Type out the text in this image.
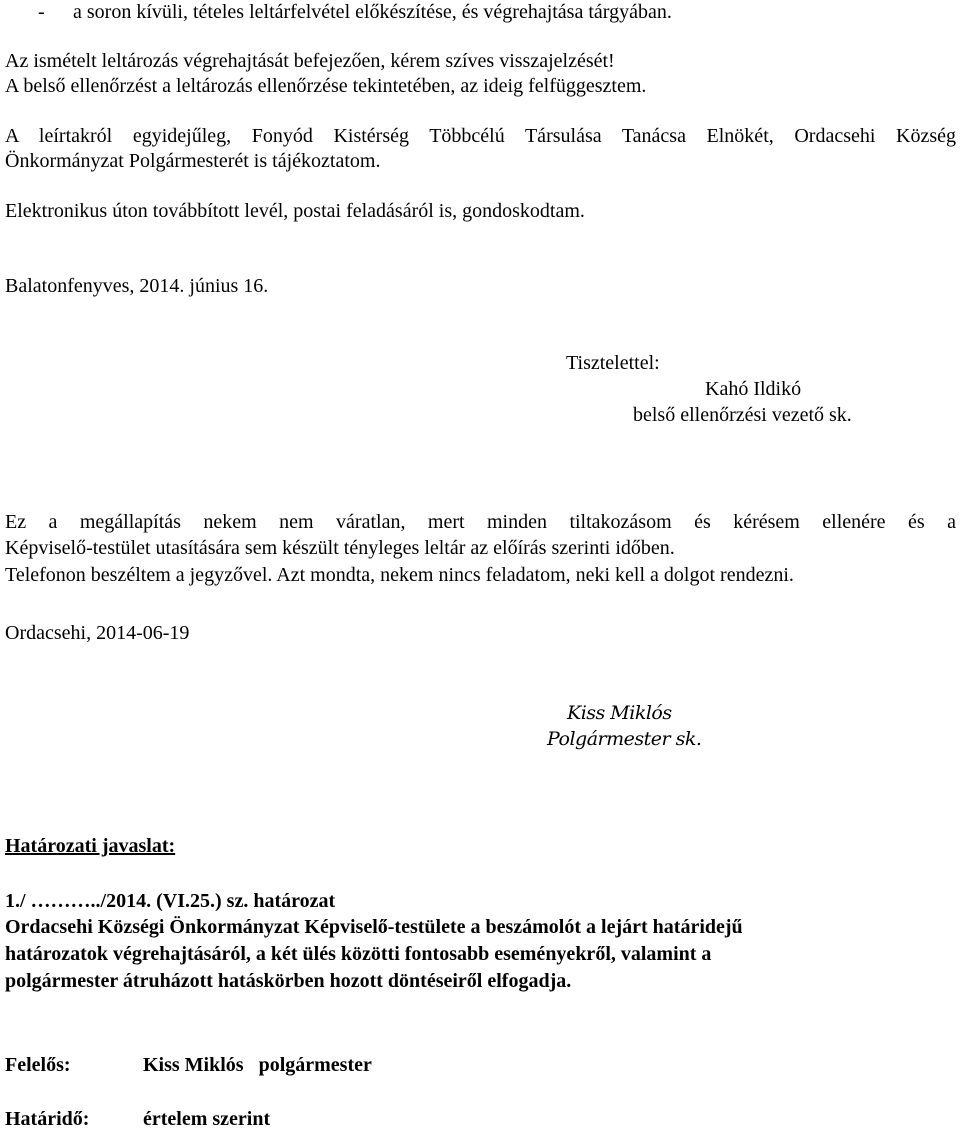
- a soron kívüli, tételes leltárfelvétel előkészítése, és végrehajtása tárgyában.
Az ismételt leltározás végrehajtását befejezően, kérem szíves visszajelzését!
A belső ellenőrzést a leltározás ellenőrzése tekintetében, az ideig felfüggesztem.
A leírtakról egyidejűleg, Fonyód Kistérség Többcélú Társulása Tanácsa Elnökét, Ordacsehi Község
Önkormányzat Polgármesterét is tájékoztatom.
Elektronikus úton továbbított levél, postai feladásáról is, gondoskodtam.
Balatonfenyves, 2014. június 16.
Tisztelettel:
Kahó Ildikó
belső ellenőrzési vezető sk.
Ez a megállapítás nekem nem váratlan, mert minden tiltakozásom és kérésem ellenére és a
Képviselő-testület utasítására sem készült tényleges leltár az előírás szerinti időben.
Telefonon beszéltem a jegyzővel. Azt mondta, nekem nincs feladatom, neki kell a dolgot rendezni.
Ordacsehi, 2014-06-19
Kiss Miklós
Polgármester sk.
Határozati javaslat:
1./ ………../2014. (VI.25.) sz. határozat
Ordacsehi Községi Önkormányzat Képviselő-testülete a beszámolót a lejárt határidejű
határozatok végrehajtásáról, a két ülés közötti fontosabb eseményekről, valamint a
polgármester átruházott hatáskörben hozott döntéseiről elfogadja.
Felelős:	Kiss Miklós   polgármester
Határidő:	értelem szerint
